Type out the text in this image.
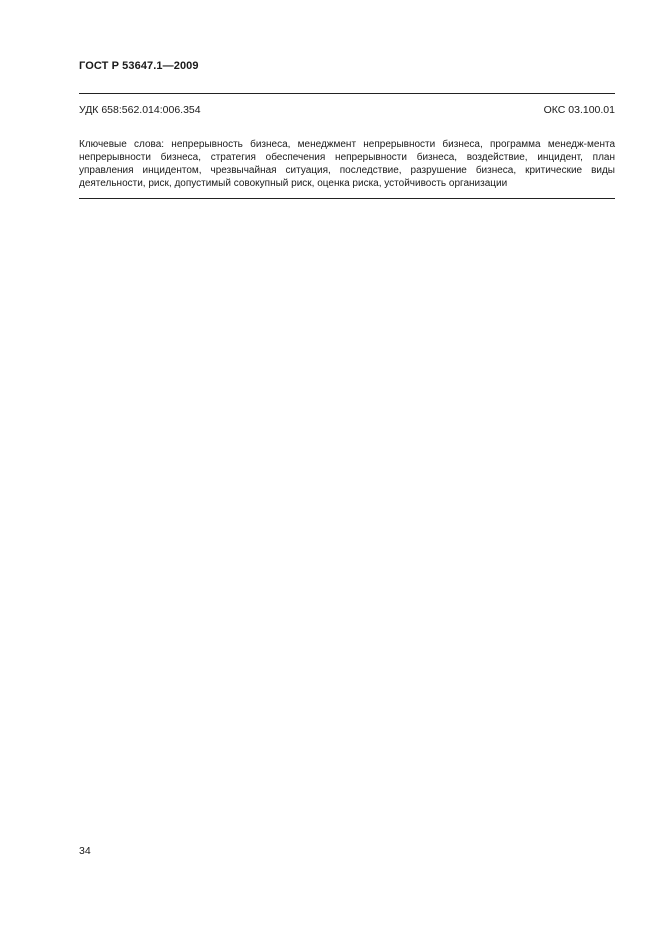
ГОСТ Р 53647.1—2009
УДК 658:562.014:006.354	ОКС 03.100.01
Ключевые слова: непрерывность бизнеса, менеджмент непрерывности бизнеса, программа менедж-мента непрерывности бизнеса, стратегия обеспечения непрерывности бизнеса, воздействие, инцидент, план управления инцидентом, чрезвычайная ситуация, последствие, разрушение бизнеса, критические виды деятельности, риск, допустимый совокупный риск, оценка риска, устойчивость организации
34
